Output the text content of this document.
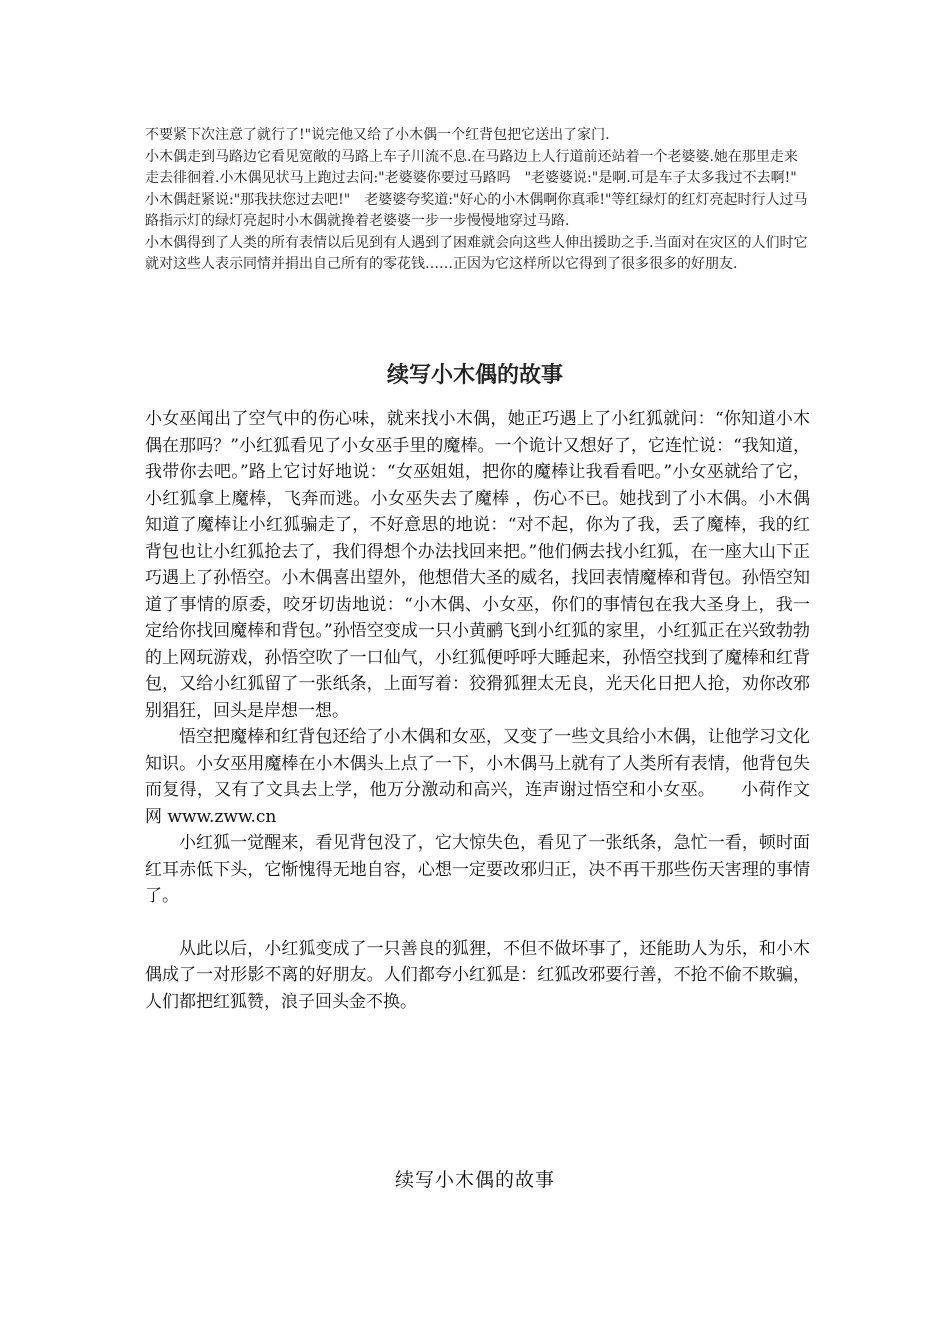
不要紧下次注意了就行了!"说完他又给了小木偶一个红背包把它送出了家门.

小木偶走到马路边它看见宽敞的马路上车子川流不息.在马路边上人行道前还站着一个老婆婆.她在那里走来走去徘徊着.小木偶见状马上跑过去问:"老婆婆你要过马路吗　"老婆婆说:"是啊.可是车子太多我过不去啊!"　小木偶赶紧说:"那我扶您过去吧!"　老婆婆夸奖道:"好心的小木偶啊你真乖!"等红绿灯的红灯亮起时行人过马路指示灯的绿灯亮起时小木偶就搀着老婆婆一步一步慢慢地穿过马路.

小木偶得到了人类的所有表情以后见到有人遇到了困难就会向这些人伸出援助之手.当面对在灾区的人们时它就对这些人表示同情并捐出自己所有的零花钱……正因为它这样所以它得到了很多很多的好朋友.

续写小木偶的故事

小女巫闻出了空气中的伤心味，就来找小木偶，她正巧遇上了小红狐就问：“你知道小木偶在那吗？”小红狐看见了小女巫手里的魔棒。一个诡计又想好了，它连忙说：“我知道，我带你去吧。”路上它讨好地说：“女巫姐姐，把你的魔棒让我看看吧。”小女巫就给了它，小红狐拿上魔棒，飞奔而逃。小女巫失去了魔棒 ，伤心不已。她找到了小木偶。小木偶知道了魔棒让小红狐骗走了，不好意思的地说：“对不起，你为了我，丢了魔棒，我的红背包也让小红狐抢去了，我们得想个办法找回来把。”他们俩去找小红狐，在一座大山下正巧遇上了孙悟空。小木偶喜出望外，他想借大圣的威名，找回表情魔棒和背包。孙悟空知道了事情的原委，咬牙切齿地说：“小木偶、小女巫，你们的事情包在我大圣身上，我一定给你找回魔棒和背包。”孙悟空变成一只小黄鹂飞到小红狐的家里，小红狐正在兴致勃勃的上网玩游戏，孙悟空吹了一口仙气，小红狐便呼呼大睡起来，孙悟空找到了魔棒和红背包，又给小红狐留了一张纸条，上面写着：狡猾狐狸太无良，光天化日把人抢，劝你改邪别猖狂，回头是岸想一想。

悟空把魔棒和红背包还给了小木偶和女巫，又变了一些文具给小木偶，让他学习文化知识。小女巫用魔棒在小木偶头上点了一下，小木偶马上就有了人类所有表情，他背包失而复得，又有了文具去上学，他万分激动和高兴，连声谢过悟空和小女巫。　　小荷作文网 www.zww.cn

小红狐一觉醒来，看见背包没了，它大惊失色，看见了一张纸条，急忙一看，顿时面红耳赤低下头，它惭愧得无地自容，心想一定要改邪归正，决不再干那些伤天害理的事情了。

从此以后，小红狐变成了一只善良的狐狸，不但不做坏事了，还能助人为乐，和小木偶成了一对形影不离的好朋友。人们都夸小红狐是：红狐改邪要行善，不抢不偷不欺骗，人们都把红狐赞，浪子回头金不换。

续写小木偶的故事
